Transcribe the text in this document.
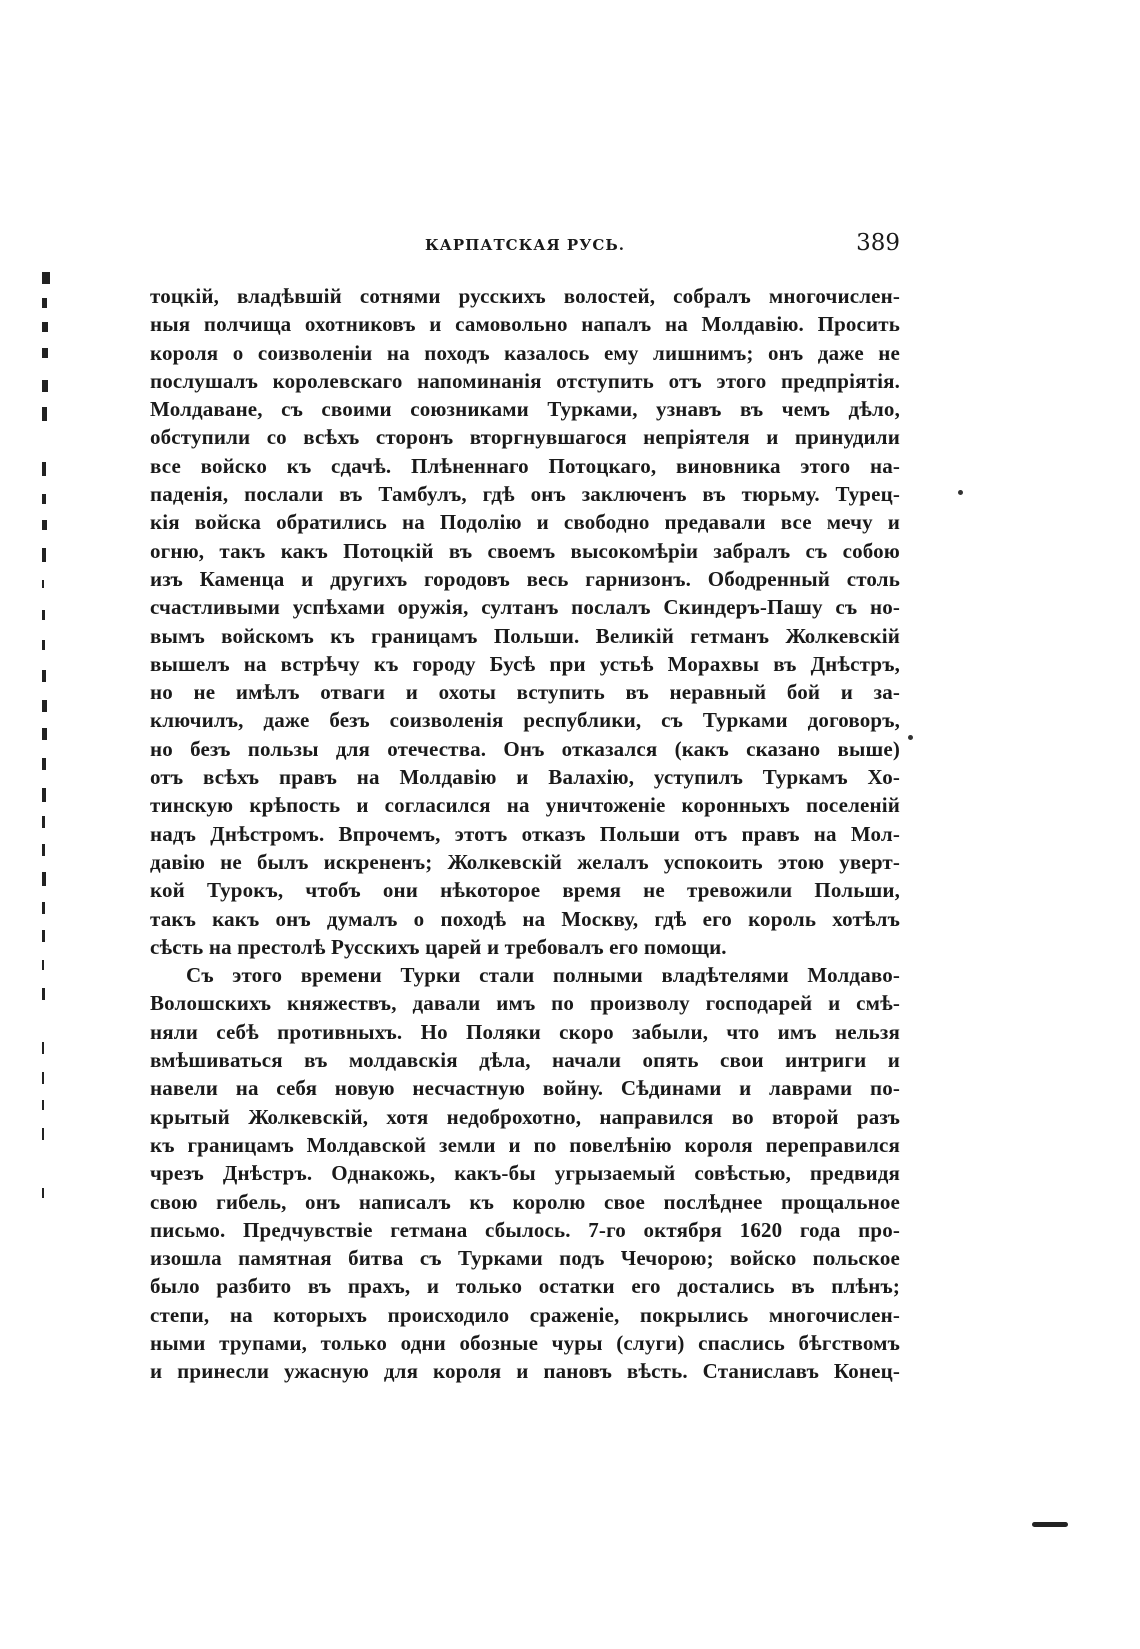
КАРПАТСКАЯ РУСЬ.	389
тоцкій, владѣвшій сотнями русскихъ волостей, собралъ многочислен-
ныя полчища охотниковъ и самовольно напалъ на Молдавію. Просить
короля о соизволеніи на походъ казалось ему лишнимъ; онъ даже не
послушалъ королевскаго напоминанія отступить отъ этого предпріятія.
Молдаване, съ своими союзниками Турками, узнавъ въ чемъ дѣло,
обступили со всѣхъ сторонъ вторгнувшагося непріятеля и принудили
все войско къ сдачѣ. Плѣненнаго Потоцкаго, виновника этого на-
паденія, послали въ Тамбулъ, гдѣ онъ заключенъ въ тюрьму. Турец-
кія войска обратились на Подолію и свободно предавали все мечу и
огню, такъ какъ Потоцкій въ своемъ высокомѣріи забралъ съ собою
изъ Каменца и другихъ городовъ весь гарнизонъ. Ободренный столь
счастливыми успѣхами оружія, султанъ послалъ Скиндеръ-Пашу съ но-
вымъ войскомъ къ границамъ Польши. Великій гетманъ Жолкевскій
вышелъ на встрѣчу къ городу Бусѣ при устьѣ Морахвы въ Днѣстръ,
но не имѣлъ отваги и охоты вступить въ неравный бой и за-
ключилъ, даже безъ соизволенія республики, съ Турками договоръ,
но безъ пользы для отечества. Онъ отказался (какъ сказано выше)
отъ всѣхъ правъ на Молдавію и Валахію, уступилъ Туркамъ Хо-
тинскую крѣпость и согласился на уничтоженіе коронныхъ поселеній
надъ Днѣстромъ. Впрочемъ, этотъ отказъ Польши отъ правъ на Мол-
давію не былъ искрененъ; Жолкевскій желалъ успокоить этою уверт-
кой Турокъ, чтобъ они нѣкоторое время не тревожили Польши,
такъ какъ онъ думалъ о походѣ на Москву, гдѣ его король хотѣлъ
сѣсть на престолѣ Русскихъ царей и требовалъ его помощи.
Съ этого времени Турки стали полными владѣтелями Молдаво-
Волошскихъ княжествъ, давали имъ по произволу господарей и смѣ-
няли себѣ противныхъ. Но Поляки скоро забыли, что имъ нельзя
вмѣшиваться въ молдавскія дѣла, начали опять свои интриги и
навели на себя новую несчастную войну. Сѣдинами и лаврами по-
крытый Жолкевскій, хотя недоброхотно, направился во второй разъ
къ границамъ Молдавской земли и по повелѣнію короля переправился
чрезъ Днѣстръ. Однакожь, какъ-бы угрызаемый совѣстью, предвидя
свою гибель, онъ написалъ къ королю свое послѣднее прощальное
письмо. Предчувствіе гетмана сбылось. 7-го октября 1620 года про-
изошла памятная битва съ Турками подъ Чечорою; войско польское
было разбито въ прахъ, и только остатки его достались въ плѣнъ;
степи, на которыхъ происходило сраженіе, покрылись многочислен-
ными трупами, только одни обозные чуры (слуги) спаслись бѣгствомъ
и принесли ужасную для короля и пановъ вѣсть. Станиславъ Конец-
